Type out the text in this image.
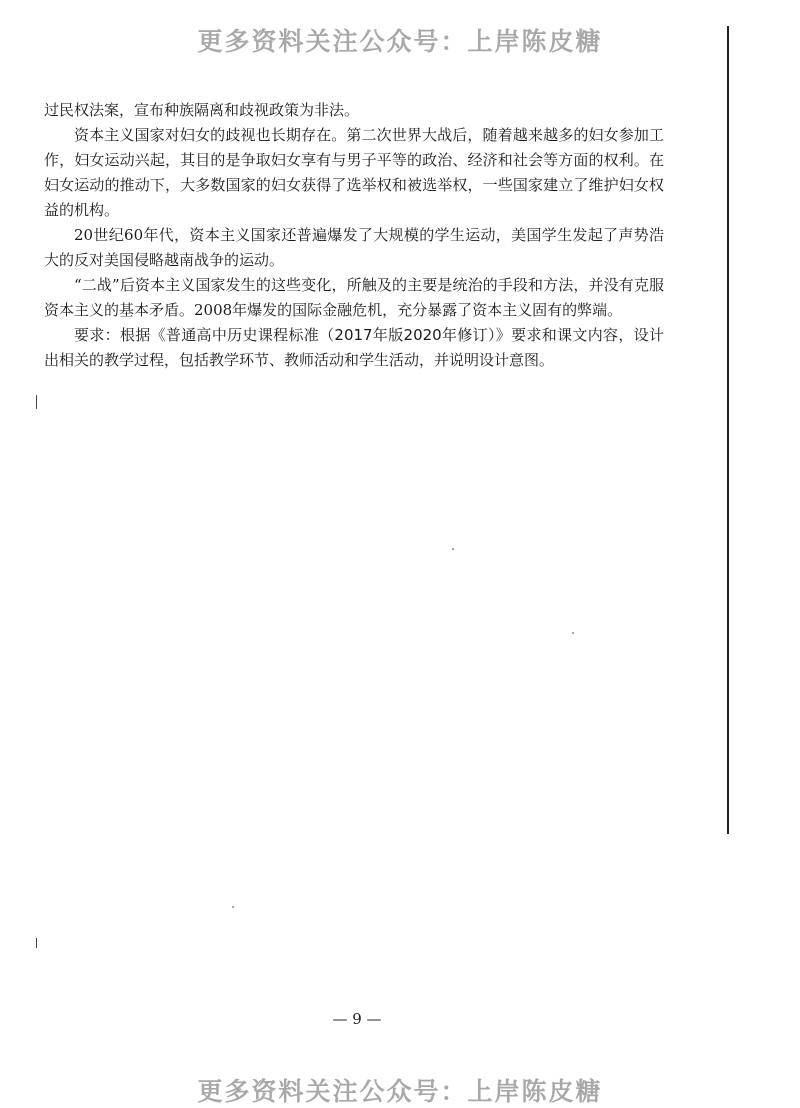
更多资料关注公众号：上岸陈皮糖

过民权法案，宣布种族隔离和歧视政策为非法。

资本主义国家对妇女的歧视也长期存在。第二次世界大战后，随着越来越多的妇女参加工作，妇女运动兴起，其目的是争取妇女享有与男子平等的政治、经济和社会等方面的权利。在妇女运动的推动下，大多数国家的妇女获得了选举权和被选举权，一些国家建立了维护妇女权益的机构。

20世纪60年代，资本主义国家还普遍爆发了大规模的学生运动，美国学生发起了声势浩大的反对美国侵略越南战争的运动。

“二战”后资本主义国家发生的这些变化，所触及的主要是统治的手段和方法，并没有克服资本主义的基本矛盾。2008年爆发的国际金融危机，充分暴露了资本主义固有的弊端。

要求：根据《普通高中历史课程标准（2017年版2020年修订）》要求和课文内容，设计出相关的教学过程，包括教学环节、教师活动和学生活动，并说明设计意图。

— 9 —
更多资料关注公众号：上岸陈皮糖
